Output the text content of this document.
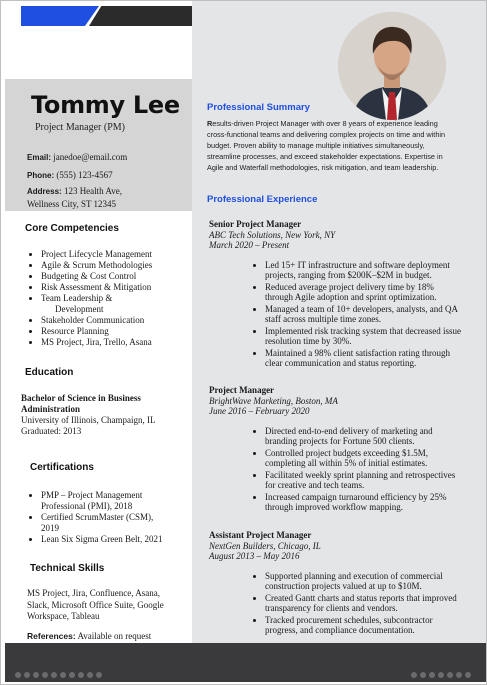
Tommy Lee
Project Manager (PM)
Email: janedoe@email.com
Phone: (555) 123-4567
Address: 123 Health Ave,
Wellness City, ST 12345
Core Competencies
• Project Lifecycle Management
• Agile & Scrum Methodologies
• Budgeting & Cost Control
• Risk Assessment & Mitigation
• Team Leadership &
Development
• Stakeholder Communication
• Resource Planning
• MS Project, Jira, Trello, Asana
Education
Bachelor of Science in Business Administration
University of Illinois, Champaign, IL
Graduated: 2013
Certifications
• PMP – Project Management Professional (PMI), 2018
• Certified ScrumMaster (CSM), 2019
• Lean Six Sigma Green Belt, 2021
Technical Skills
MS Project, Jira, Confluence, Asana, Slack, Microsoft Office Suite, Google Workspace, Tableau
References: Available on request
Professional Summary
Results-driven Project Manager with over 8 years of experience leading cross-functional teams and delivering complex projects on time and within budget. Proven ability to manage multiple initiatives simultaneously, streamline processes, and exceed stakeholder expectations. Expertise in Agile and Waterfall methodologies, risk mitigation, and team leadership.
Professional Experience
Senior Project Manager
ABC Tech Solutions, New York, NY
March 2020 – Present
• Led 15+ IT infrastructure and software deployment projects, ranging from $200K–$2M in budget.
• Reduced average project delivery time by 18% through Agile adoption and sprint optimization.
• Managed a team of 10+ developers, analysts, and QA staff across multiple time zones.
• Implemented risk tracking system that decreased issue resolution time by 30%.
• Maintained a 98% client satisfaction rating through clear communication and status reporting.
Project Manager
BrightWave Marketing, Boston, MA
June 2016 – February 2020
• Directed end-to-end delivery of marketing and branding projects for Fortune 500 clients.
• Controlled project budgets exceeding $1.5M, completing all within 5% of initial estimates.
• Facilitated weekly sprint planning and retrospectives for creative and tech teams.
• Increased campaign turnaround efficiency by 25% through improved workflow mapping.
Assistant Project Manager
NextGen Builders, Chicago, IL
August 2013 – May 2016
• Supported planning and execution of commercial construction projects valued at up to $10M.
• Created Gantt charts and status reports that improved transparency for clients and vendors.
• Tracked procurement schedules, subcontractor progress, and compliance documentation.
